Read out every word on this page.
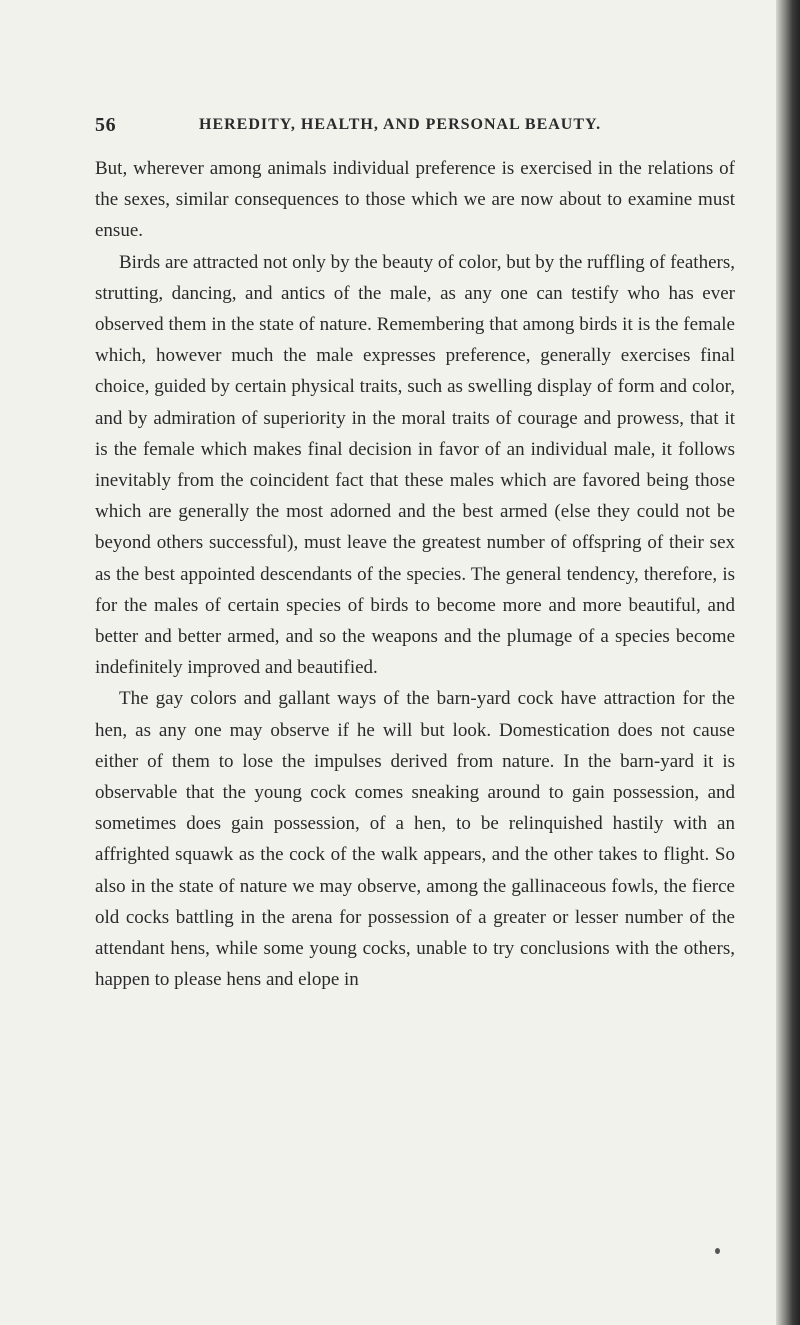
56	HEREDITY, HEALTH, AND PERSONAL BEAUTY.

But, wherever among animals individual preference is exercised in the relations of the sexes, similar consequences to those which we are now about to examine must ensue.

Birds are attracted not only by the beauty of color, but by the ruffling of feathers, strutting, dancing, and antics of the male, as any one can testify who has ever observed them in the state of nature. Remembering that among birds it is the female which, however much the male expresses preference, generally exercises final choice, guided by certain physical traits, such as swelling display of form and color, and by admiration of superiority in the moral traits of courage and prowess, that it is the female which makes final decision in favor of an individual male, it follows inevitably from the coincident fact that these males which are favored being those which are generally the most adorned and the best armed (else they could not be beyond others successful), must leave the greatest number of offspring of their sex as the best appointed descendants of the species. The general tendency, therefore, is for the males of certain species of birds to become more and more beautiful, and better and better armed, and so the weapons and the plumage of a species become indefinitely improved and beautified.

The gay colors and gallant ways of the barn-yard cock have attraction for the hen, as any one may observe if he will but look. Domestication does not cause either of them to lose the impulses derived from nature. In the barn-yard it is observable that the young cock comes sneaking around to gain possession, and sometimes does gain possession, of a hen, to be relinquished hastily with an affrighted squawk as the cock of the walk appears, and the other takes to flight. So also in the state of nature we may observe, among the gallinaceous fowls, the fierce old cocks battling in the arena for possession of a greater or lesser number of the attendant hens, while some young cocks, unable to try conclusions with the others, happen to please hens and elope in
